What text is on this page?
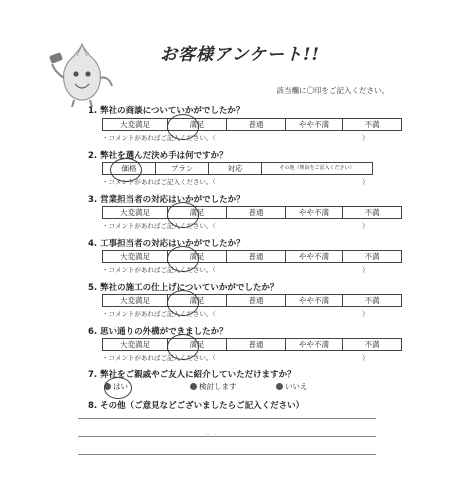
お客様アンケート!!
該当欄に〇印をご記入ください。
1. 弊社の商談についていかがでしたか？
大変満足	満足	普通	やや不満	不満
・コメントがあればご記入ください。（	）
2. 弊社を選んだ決め手は何ですか？
価格	プラン	対応	その他（理由をご記入ください）
・コメントがあればご記入ください。（	）
3. 営業担当者の対応はいかがでしたか？
大変満足	満足	普通	やや不満	不満
・コメントがあればご記入ください。（	）
4. 工事担当者の対応はいかがでしたか？
大変満足	満足	普通	やや不満	不満
・コメントがあればご記入ください。（	）
5. 弊社の施工の仕上げについていかがでしたか？
大変満足	満足	普通	やや不満	不満
・コメントがあればご記入ください。（	）
6. 思い通りの外構ができましたか？
大変満足	満足	普通	やや不満	不満
・コメントがあればご記入ください。（	）
7. 弊社をご親戚やご友人に紹介していただけますか？
はい	検討します	いいえ
8. その他（ご意見などございましたらご記入ください）
～ ・
